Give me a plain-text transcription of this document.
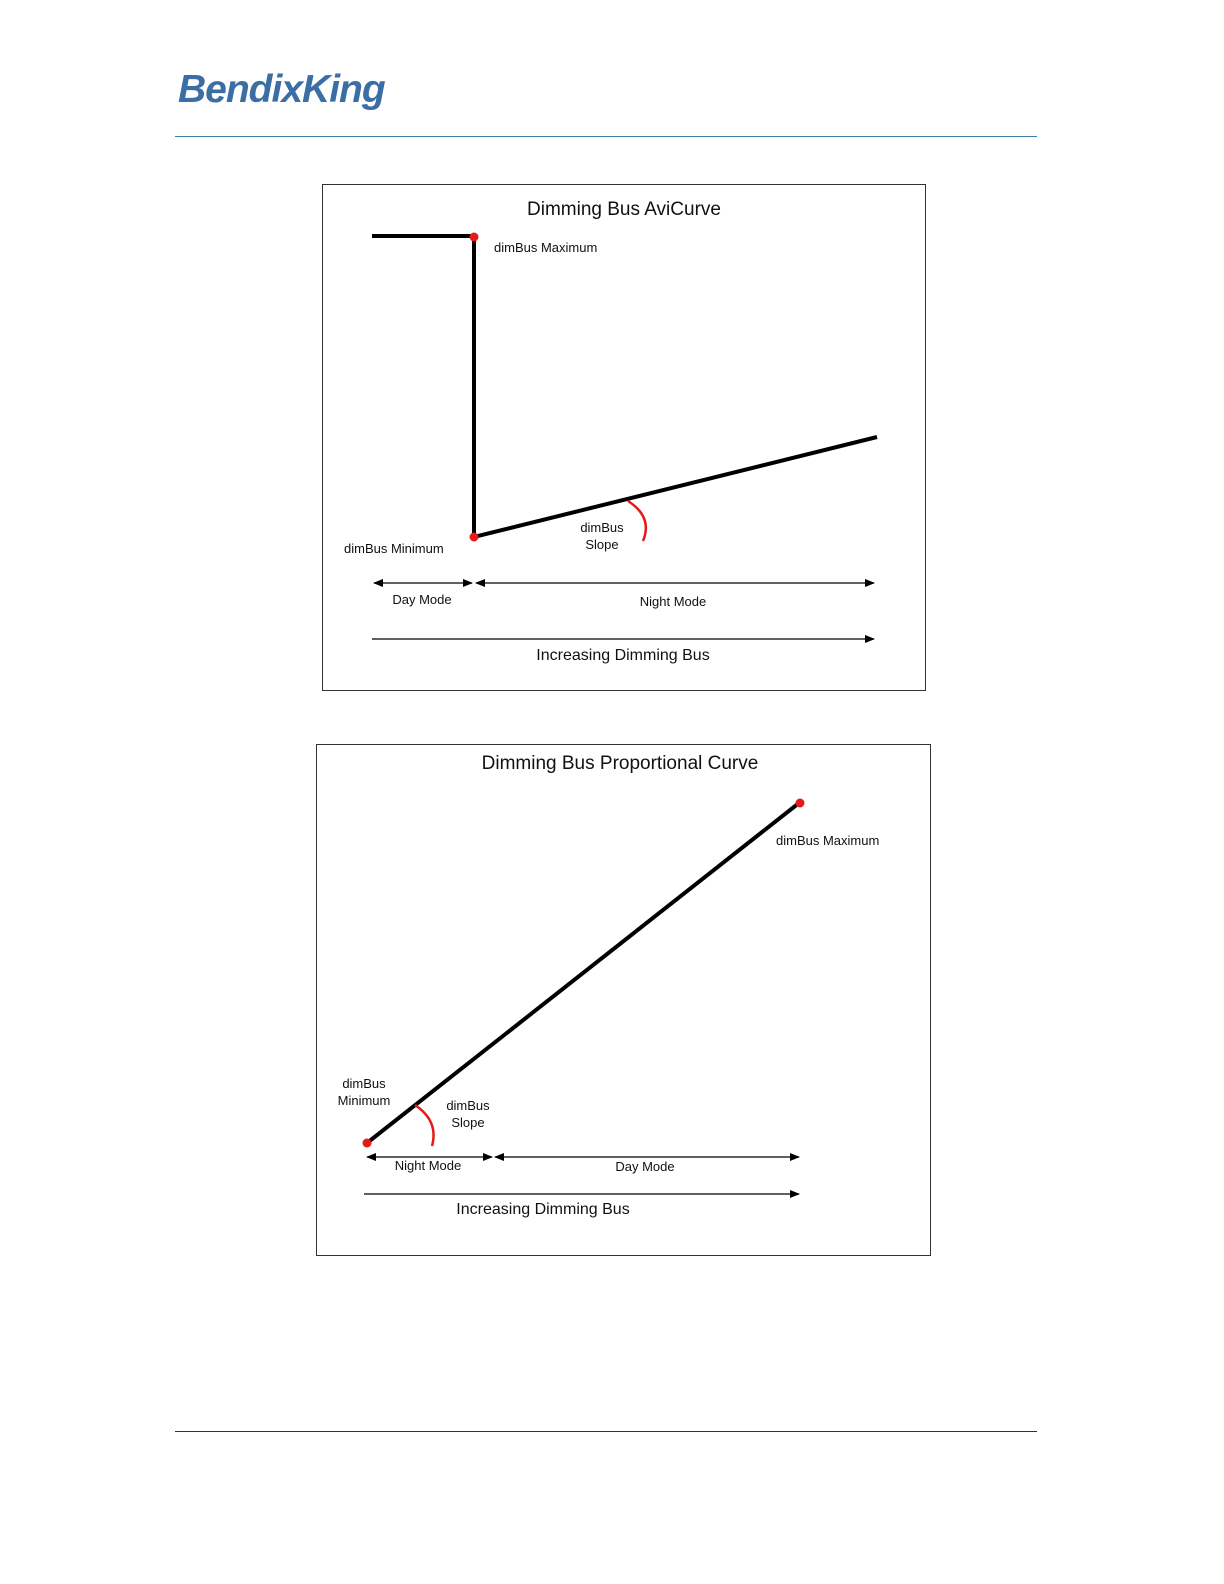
BendixKing
Dimming Bus AviCurve
dimBus Maximum
dimBus Minimum
dimBus
Slope
Day Mode	Night Mode
Increasing Dimming Bus
Dimming Bus Proportional Curve
dimBus Maximum
dimBus
Minimum	dimBus
Slope
Night Mode	Day Mode
Increasing Dimming Bus
